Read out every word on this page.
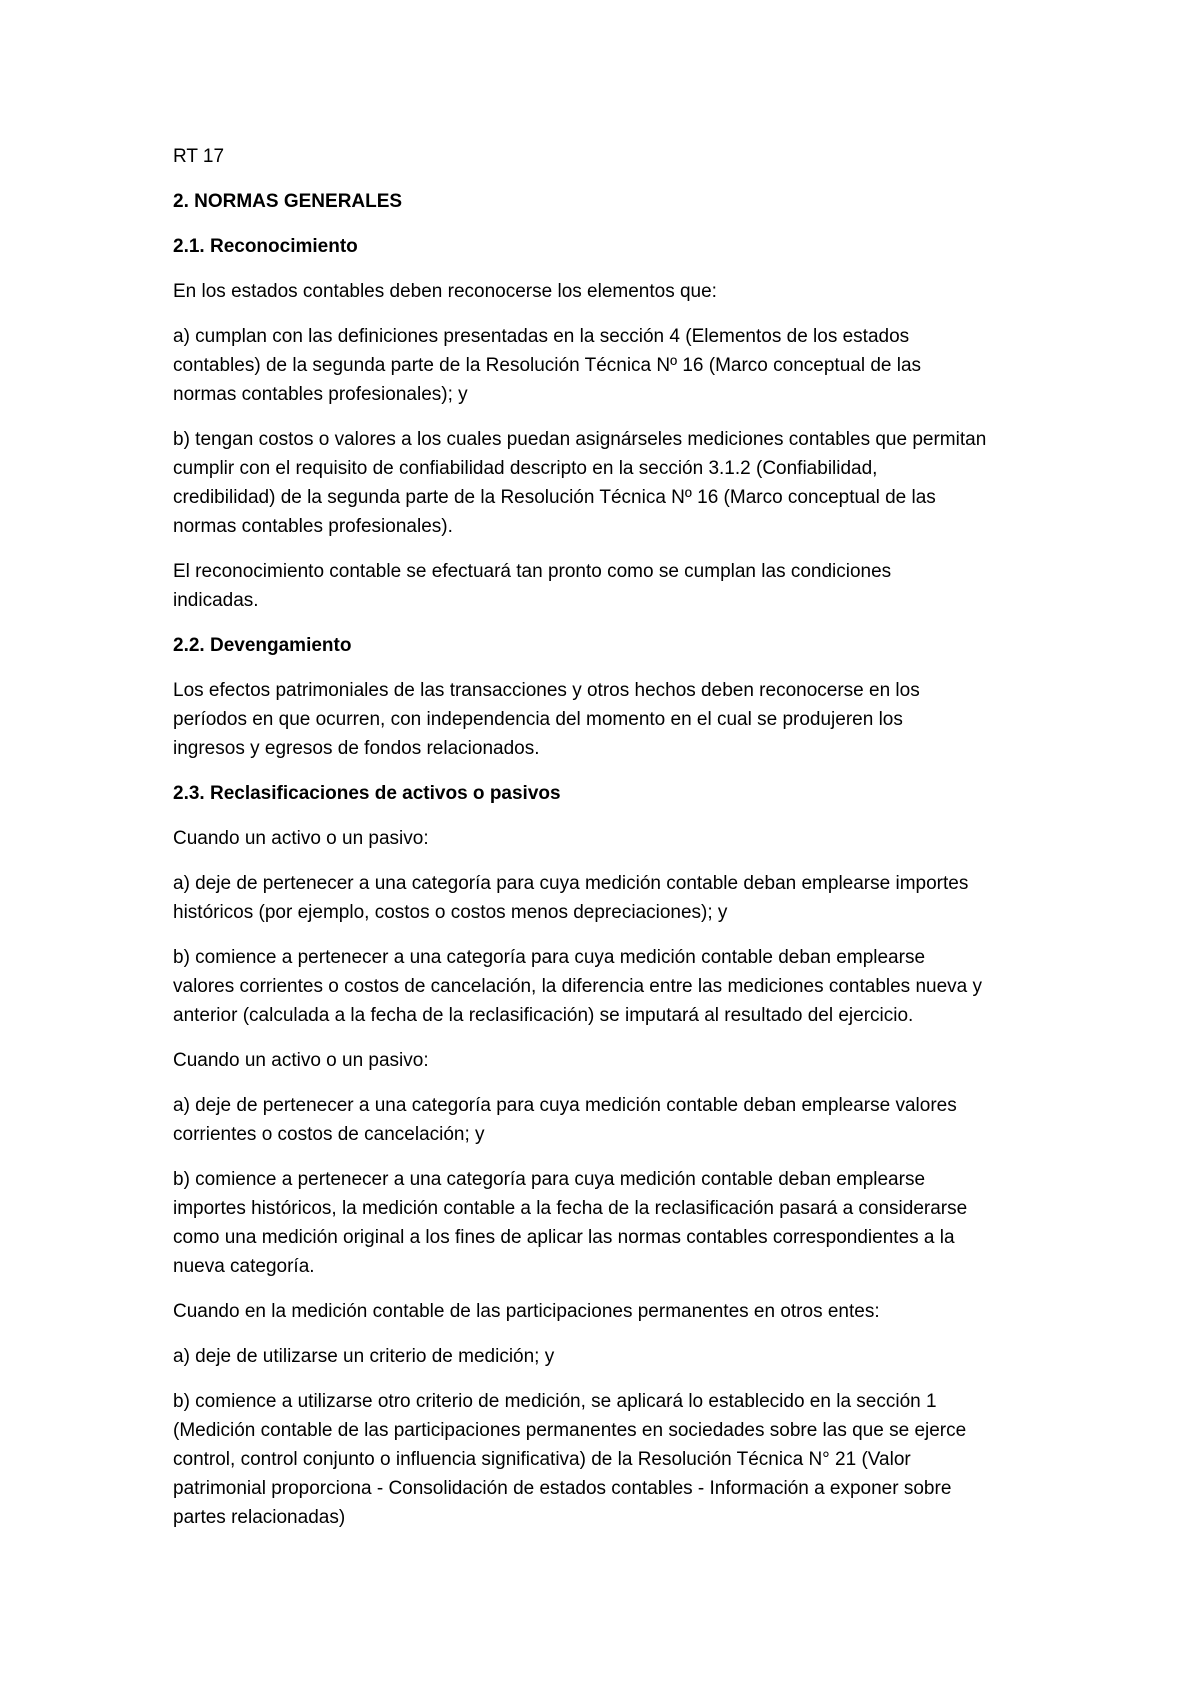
RT 17

2. NORMAS GENERALES

2.1. Reconocimiento

En los estados contables deben reconocerse los elementos que:

a) cumplan con las definiciones presentadas en la sección 4 (Elementos de los estados
contables) de la segunda parte de la Resolución Técnica Nº 16 (Marco conceptual de las
normas contables profesionales); y

b) tengan costos o valores a los cuales puedan asignárseles mediciones contables que permitan
cumplir con el requisito de confiabilidad descripto en la sección 3.1.2 (Confiabilidad,
credibilidad) de la segunda parte de la Resolución Técnica Nº 16 (Marco conceptual de las
normas contables profesionales).

El reconocimiento contable se efectuará tan pronto como se cumplan las condiciones
indicadas.

2.2. Devengamiento

Los efectos patrimoniales de las transacciones y otros hechos deben reconocerse en los
períodos en que ocurren, con independencia del momento en el cual se produjeren los
ingresos y egresos de fondos relacionados.

2.3. Reclasificaciones de activos o pasivos

Cuando un activo o un pasivo:

a) deje de pertenecer a una categoría para cuya medición contable deban emplearse importes
históricos (por ejemplo, costos o costos menos depreciaciones); y

b) comience a pertenecer a una categoría para cuya medición contable deban emplearse
valores corrientes o costos de cancelación, la diferencia entre las mediciones contables nueva y
anterior (calculada a la fecha de la reclasificación) se imputará al resultado del ejercicio.

Cuando un activo o un pasivo:

a) deje de pertenecer a una categoría para cuya medición contable deban emplearse valores
corrientes o costos de cancelación; y

b) comience a pertenecer a una categoría para cuya medición contable deban emplearse
importes históricos, la medición contable a la fecha de la reclasificación pasará a considerarse
como una medición original a los fines de aplicar las normas contables correspondientes a la
nueva categoría.

Cuando en la medición contable de las participaciones permanentes en otros entes:

a) deje de utilizarse un criterio de medición; y

b) comience a utilizarse otro criterio de medición, se aplicará lo establecido en la sección 1
(Medición contable de las participaciones permanentes en sociedades sobre las que se ejerce
control, control conjunto o influencia significativa) de la Resolución Técnica N° 21 (Valor
patrimonial proporciona - Consolidación de estados contables - Información a exponer sobre
partes relacionadas)
